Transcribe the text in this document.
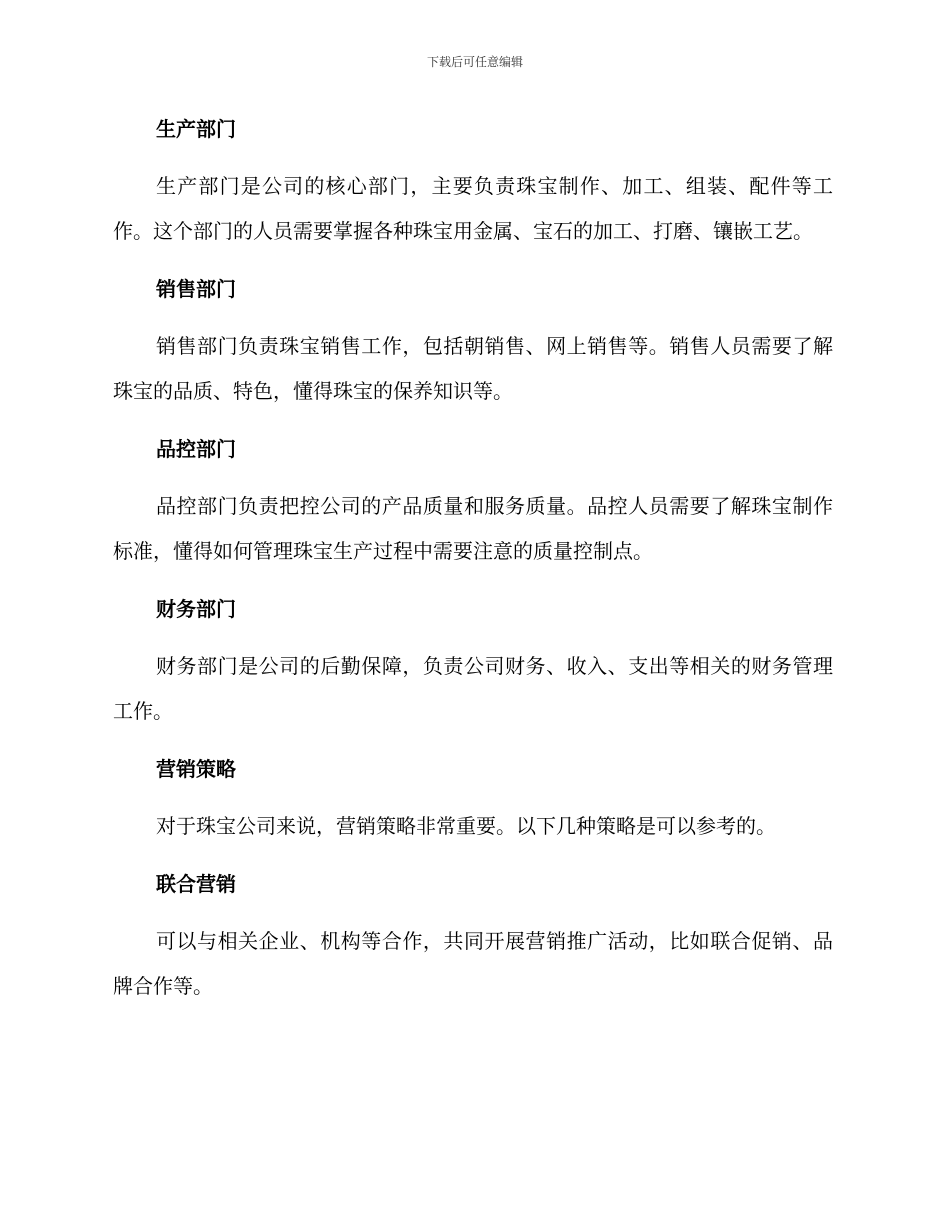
下载后可任意编辑
生产部门

生产部门是公司的核心部门，主要负责珠宝制作、加工、组装、配件等工作。这个部门的人员需要掌握各种珠宝用金属、宝石的加工、打磨、镶嵌工艺。

销售部门

销售部门负责珠宝销售工作，包括朝销售、网上销售等。销售人员需要了解珠宝的品质、特色，懂得珠宝的保养知识等。

品控部门

品控部门负责把控公司的产品质量和服务质量。品控人员需要了解珠宝制作标准，懂得如何管理珠宝生产过程中需要注意的质量控制点。

财务部门

财务部门是公司的后勤保障，负责公司财务、收入、支出等相关的财务管理工作。

营销策略

对于珠宝公司来说，营销策略非常重要。以下几种策略是可以参考的。

联合营销

可以与相关企业、机构等合作，共同开展营销推广活动，比如联合促销、品牌合作等。
